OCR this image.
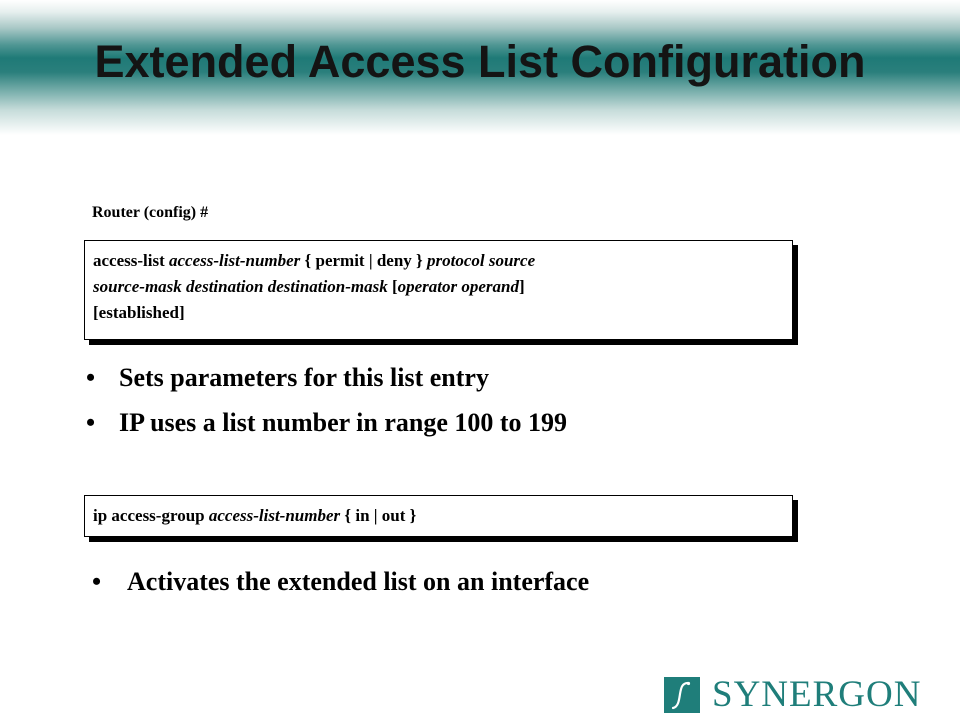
Extended Access List Configuration
Router (config) #
access-list access-list-number { permit | deny } protocol source
source-mask destination destination-mask [operator operand]
[established]
• Sets parameters for this list entry
• IP uses a list number in range 100 to 199
ip access-group access-list-number { in | out }
• Activates the extended list on an interface
SYNERGON
